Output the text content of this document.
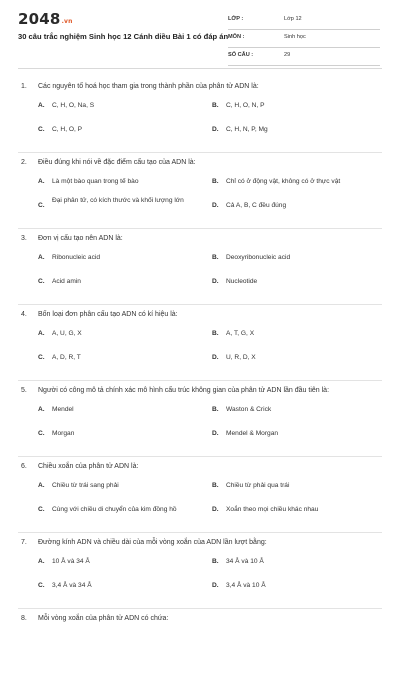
2048.vn
30 câu trắc nghiệm Sinh học 12 Cánh diều Bài 1 có đáp án
LỚP :	Lớp 12
MÔN :	Sinh học
SỐ CÂU :	29
1. Các nguyên tố hoá học tham gia trong thành phần của phân tử ADN là:
A. C, H, O, Na, S	B. C, H, O, N, P
C. C, H, O, P	D. C, H, N, P, Mg
2. Điều đúng khi nói về đặc điểm cấu tạo của ADN là:
A. Là một bào quan trong tế bào	B. Chỉ có ở động vật, không có ở thực vật
C.
Đại phân tử, có kích thước và khối lượng lớn
D. Cả A, B, C đều đúng
3. Đơn vị cấu tạo nên ADN là:
A. Ribonucleic acid	B. Deoxyribonucleic acid
C. Acid amin	D. Nucleotide
4. Bốn loại đơn phân cấu tạo ADN có kí hiệu là:
A. A, U, G, X	B. A, T, G, X
C. A, D, R, T	D. U, R, D, X
5. Người có công mô tả chính xác mô hình cấu trúc không gian của phân tử ADN lần đầu tiên là:
A. Mendel	B. Waston & Crick
C. Morgan	D. Mendel & Morgan
6. Chiều xoắn của phân tử ADN là:
A. Chiều từ trái sang phải	B. Chiều từ phải qua trái
C. Cùng với chiều di chuyển của kim đồng hồ	D. Xoắn theo mọi chiều khác nhau
7. Đường kính ADN và chiều dài của mỗi vòng xoắn của ADN lần lượt bằng:
A. 10 Å và 34 Å	B. 34 Å và 10 Å
C. 3,4 Å và 34 Å	D. 3,4 Å và 10 Å
8. Mỗi vòng xoắn của phân tử ADN có chứa:
